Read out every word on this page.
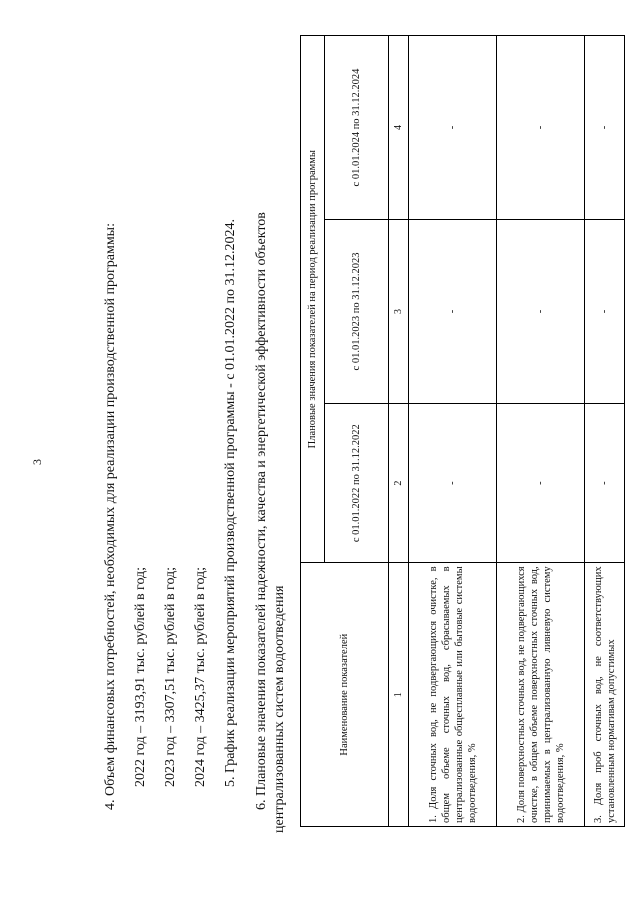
3	4. Объем финансовых потребностей, необходимых для реализации производственной программы: 2022 год – 3193,91 тыс. рублей в год; 2023 год – 3307,51 тыс. рублей в год; 2024 год – 3425,37 тыс. рублей в год; 5. График реализации мероприятий производственной программы - с 01.01.2022 по 31.12.2024. 6. Плановые значения показателей надежности, качества и энергетической эффективности объектов централизованных систем водоотведения	Наименование показателей	Плановые значения показателей на период реализации программы		
	с 01.01.2022 по 31.12.2022	с 01.01.2023 по 31.12.2023	с 01.01.2024 по 31.12.2024
1	2	3	4
1. Доля сточных вод, не подвергающихся очистке, в общем объеме сточных вод, сбрасываемых в централизованные общесплавные или бытовые системы водоотведения, %	-	-	-
2. Доля поверхностных сточных вод, не подвергающихся очистке, в общем объеме поверхностных сточных вод, принимаемых в централизованную ливневую систему водоотведения, %	-	-	-
3. Доля проб сточных вод, не соответствующих установленным нормативам допустимых	-	-	-
